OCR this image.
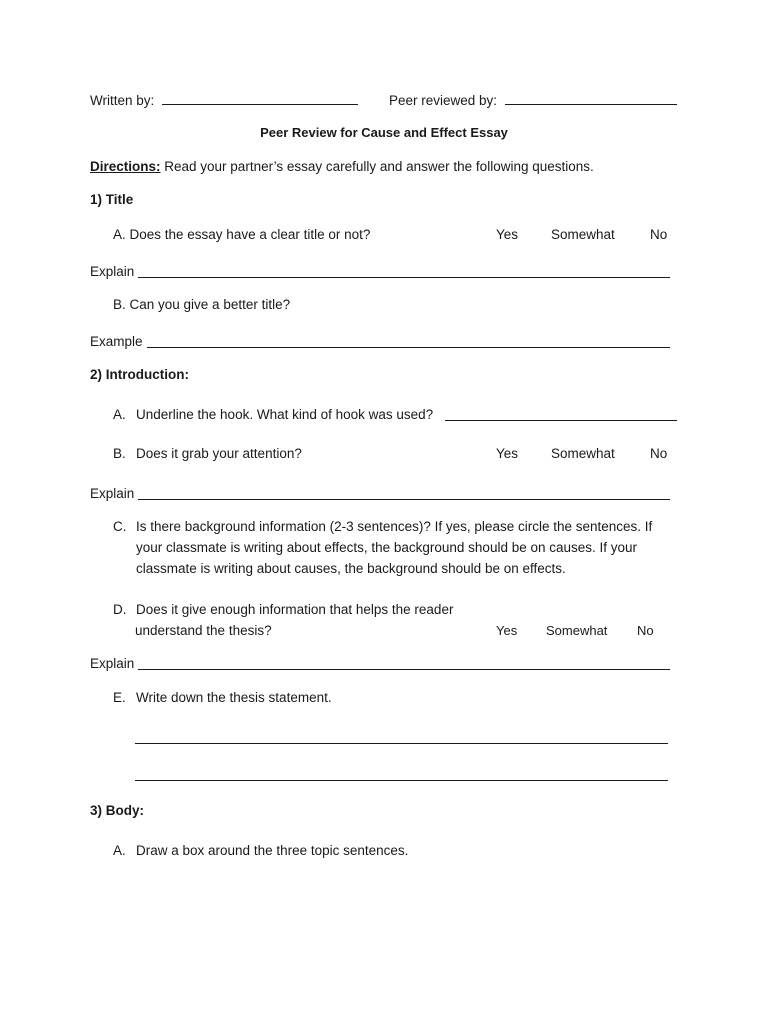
Written by:	Peer reviewed by:
Peer Review for Cause and Effect Essay
Directions: Read your partner’s essay carefully and answer the following questions.
1) Title
A. Does the essay have a clear title or not?	Yes Somewhat	No
Explain
B. Can you give a better title?
Example
2) Introduction:
A. Underline the hook. What kind of hook was used?
B. Does it grab your attention?	Yes Somewhat	No
Explain
C. Is there background information (2-3 sentences)? If yes, please circle the sentences. If
your classmate is writing about effects, the background should be on causes. If your
classmate is writing about causes, the background should be on effects.
D. Does it give enough information that helps the reader
understand the thesis?	Yes Somewhat No
Explain
E. Write down the thesis statement.
3) Body:
A. Draw a box around the three topic sentences.
